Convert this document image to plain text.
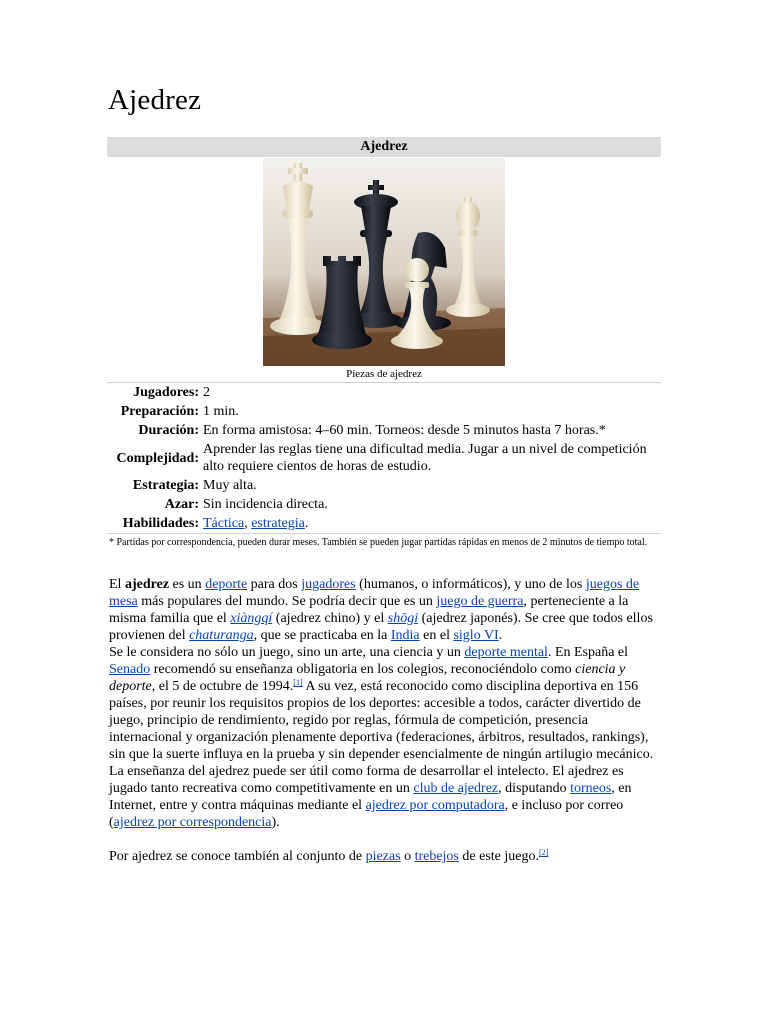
Ajedrez
Ajedrez
Piezas de ajedrez
Jugadores:	2
Preparación:	1 min.
Duración:	En forma amistosa: 4–60 min. Torneos: desde 5 minutos hasta 7 horas.*
Complejidad:	Aprender las reglas tiene una dificultad media. Jugar a un nivel de competición alto requiere cientos de horas de estudio.
Estrategia:	Muy alta.
Azar:	Sin incidencia directa.
Habilidades:	Táctica, estrategia.
* Partidas por correspondencia, pueden durar meses. También se pueden jugar partidas rápidas en menos de 2 minutos de tiempo total.

El ajedrez es un deporte para dos jugadores (humanos, o informáticos), y uno de los juegos de mesa más populares del mundo. Se podría decir que es un juego de guerra, perteneciente a la misma familia que el xiàngqí (ajedrez chino) y el shōgi (ajedrez japonés). Se cree que todos ellos provienen del chaturanga, que se practicaba en la India en el siglo VI.

Se le considera no sólo un juego, sino un arte, una ciencia y un deporte mental. En España el Senado recomendó su enseñanza obligatoria en los colegios, reconociéndolo como ciencia y deporte, el 5 de octubre de 1994.[1] A su vez, está reconocido como disciplina deportiva en 156 países, por reunir los requisitos propios de los deportes: accesible a todos, carácter divertido de juego, principio de rendimiento, regido por reglas, fórmula de competición, presencia internacional y organización plenamente deportiva (federaciones, árbitros, resultados, rankings), sin que la suerte influya en la prueba y sin depender esencialmente de ningún artilugio mecánico. La enseñanza del ajedrez puede ser útil como forma de desarrollar el intelecto. El ajedrez es jugado tanto recreativa como competitivamente en un club de ajedrez, disputando torneos, en Internet, entre y contra máquinas mediante el ajedrez por computadora, e incluso por correo (ajedrez por correspondencia).

Por ajedrez se conoce también al conjunto de piezas o trebejos de este juego.[2]
